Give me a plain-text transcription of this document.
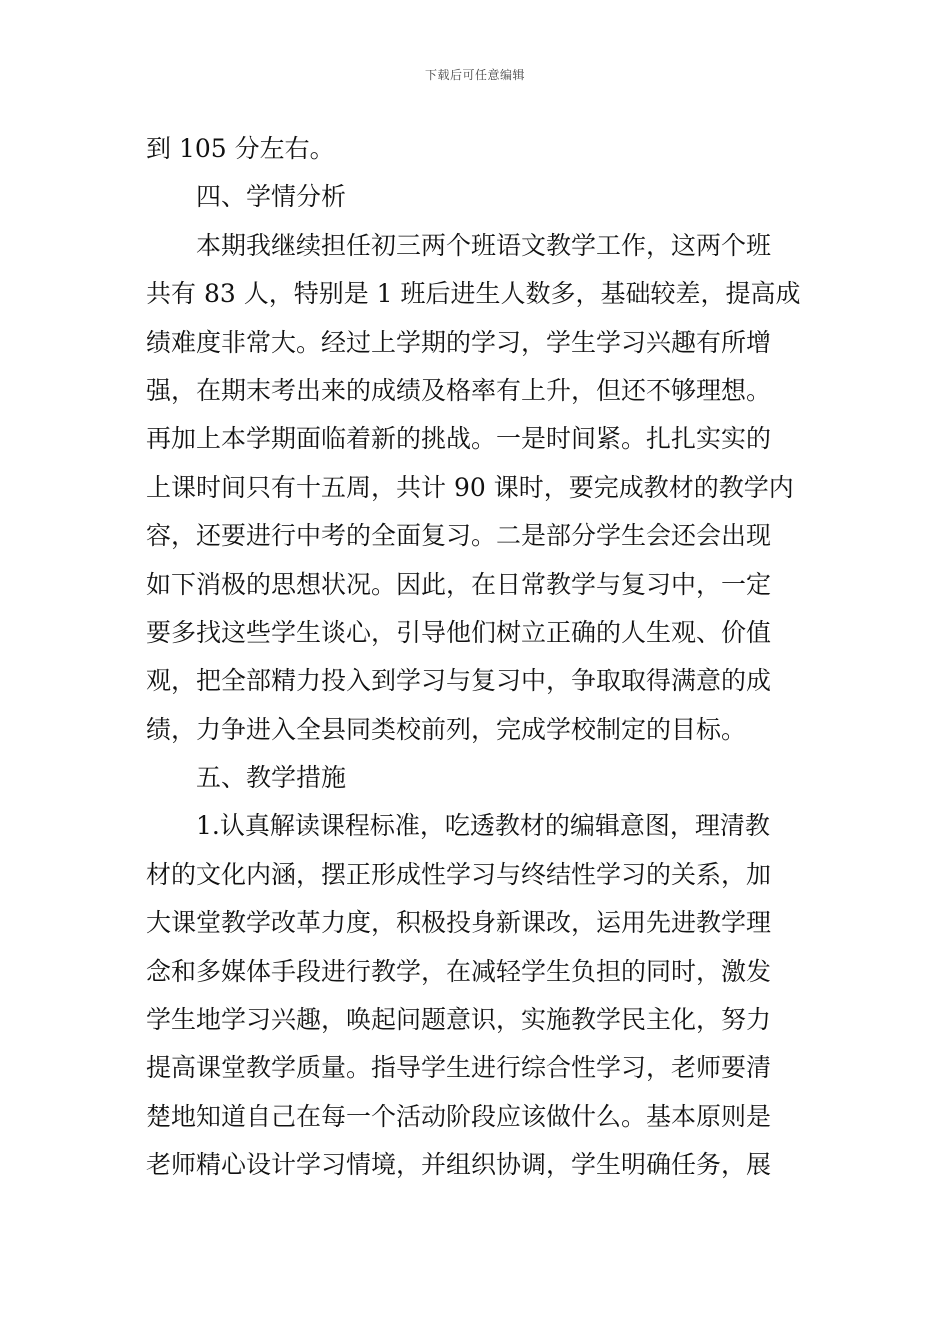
下载后可任意编辑
到 105 分左右。
四、学情分析
本期我继续担任初三两个班语文教学工作，这两个班
共有 83 人，特别是 1 班后进生人数多，基础较差，提高成
绩难度非常大。经过上学期的学习，学生学习兴趣有所增
强，在期末考出来的成绩及格率有上升，但还不够理想。
再加上本学期面临着新的挑战。一是时间紧。扎扎实实的
上课时间只有十五周，共计 90 课时，要完成教材的教学内
容，还要进行中考的全面复习。二是部分学生会还会出现
如下消极的思想状况。因此，在日常教学与复习中，一定
要多找这些学生谈心，引导他们树立正确的人生观、价值
观，把全部精力投入到学习与复习中，争取取得满意的成
绩，力争进入全县同类校前列，完成学校制定的目标。
五、教学措施
1.认真解读课程标准，吃透教材的编辑意图，理清教
材的文化内涵，摆正形成性学习与终结性学习的关系，加
大课堂教学改革力度，积极投身新课改，运用先进教学理
念和多媒体手段进行教学，在减轻学生负担的同时，激发
学生地学习兴趣，唤起问题意识，实施教学民主化，努力
提高课堂教学质量。指导学生进行综合性学习，老师要清
楚地知道自己在每一个活动阶段应该做什么。基本原则是
老师精心设计学习情境，并组织协调，学生明确任务，展
